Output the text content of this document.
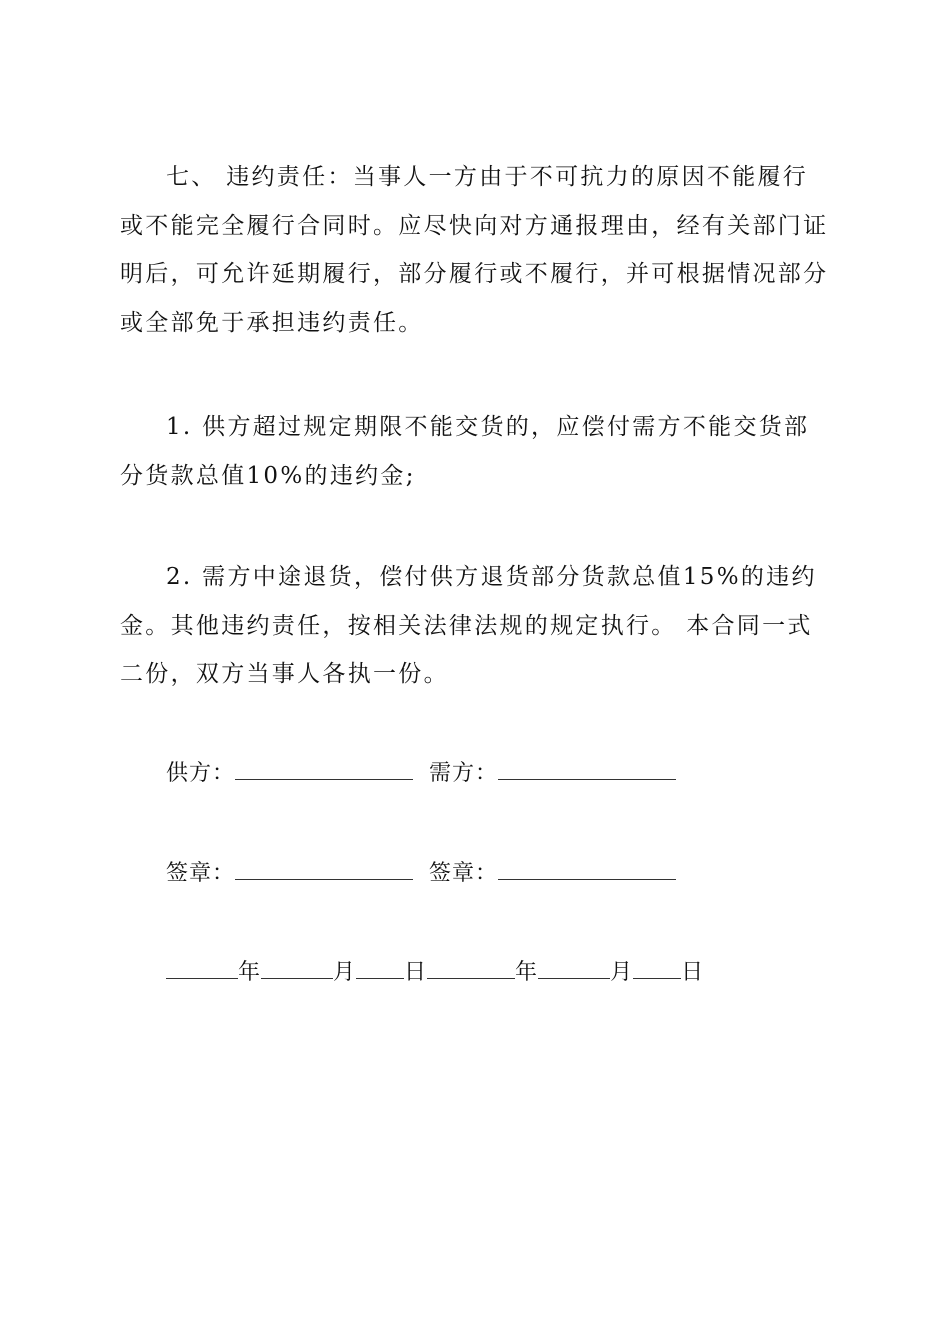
七、 违约责任：当事人一方由于不可抗力的原因不能履行或不能完全履行合同时。应尽快向对方通报理由，经有关部门证明后，可允许延期履行，部分履行或不履行，并可根据情况部分或全部免于承担违约责任。

1. 供方超过规定期限不能交货的，应偿付需方不能交货部分货款总值10%的违约金;

2. 需方中途退货，偿付供方退货部分货款总值15%的违约金。其他违约责任，按相关法律法规的规定执行。 本合同一式二份，双方当事人各执一份。

供方：	需方：
签章：	签章：
年	月 日	年	月 日
